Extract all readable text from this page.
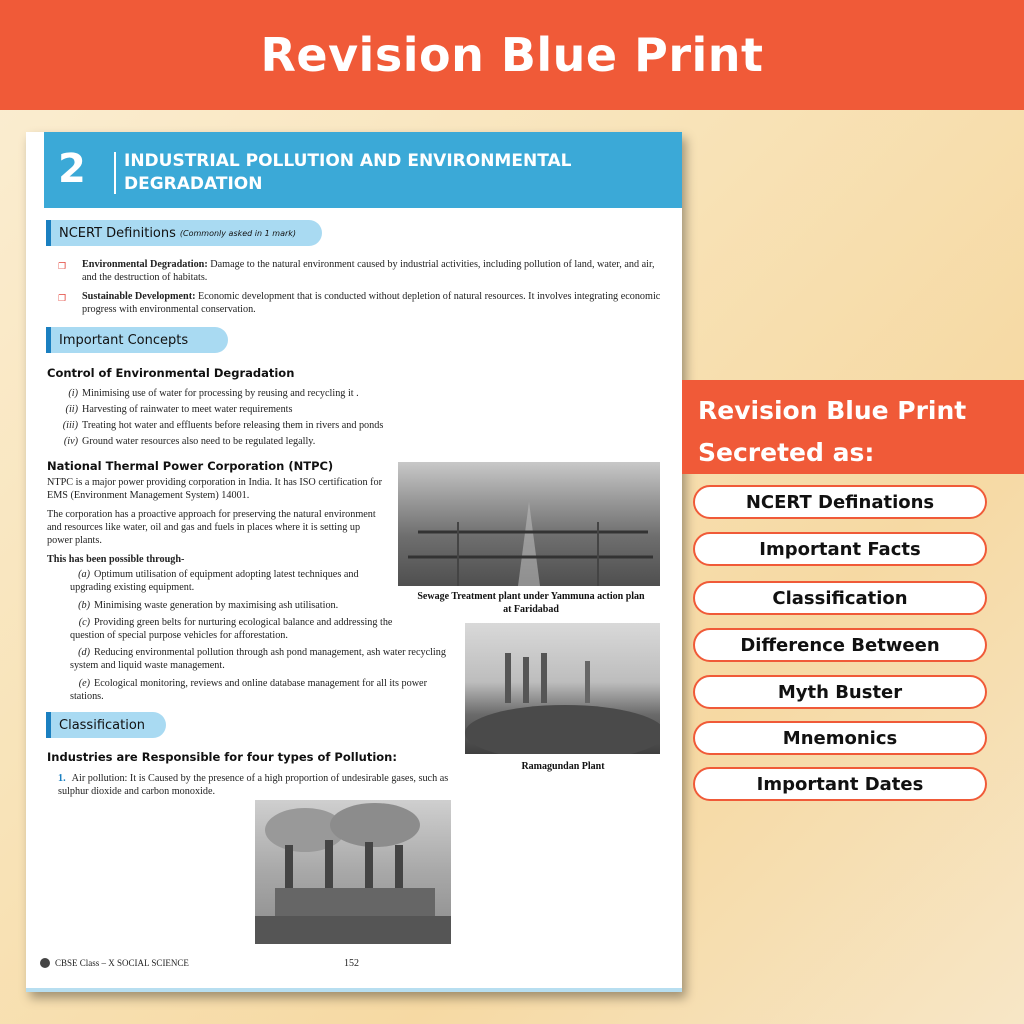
Revision Blue Print
2 INDUSTRIAL POLLUTION AND ENVIRONMENTAL DEGRADATION
NCERT Definitions (Commonly asked in 1 mark)
❐ Environmental Degradation: Damage to the natural environment caused by industrial activities, including pollution of land, water, and air, and the destruction of habitats.
❐ Sustainable Development: Economic development that is conducted without depletion of natural resources. It involves integrating economic progress with environmental conservation.
Important Concepts
Control of Environmental Degradation
(i) Minimising use of water for processing by reusing and recycling it .
(ii) Harvesting of rainwater to meet water requirements
(iii) Treating hot water and effluents before releasing them in rivers and ponds
(iv) Ground water resources also need to be regulated legally.
National Thermal Power Corporation (NTPC)
NTPC is a major power providing corporation in India. It has ISO certification for EMS (Environment Management System) 14001.
The corporation has a proactive approach for preserving the natural environment and resources like water, oil and gas and fuels in places where it is setting up power plants.
This has been possible through-
(a) Optimum utilisation of equipment adopting latest techniques and upgrading existing equipment.
(b) Minimising waste generation by maximising ash utilisation.
(c) Providing green belts for nurturing ecological balance and addressing the question of special purpose vehicles for afforestation.
(d) Reducing environmental pollution through ash pond management, ash water recycling system and liquid waste management.
(e) Ecological monitoring, reviews and online database management for all its power stations.
Sewage Treatment plant under Yammuna action plan at Faridabad
Ramagundan Plant
Classification
Industries are Responsible for four types of Pollution:
1. Air pollution: It is Caused by the presence of a high proportion of undesirable gases, such as sulphur dioxide and carbon monoxide.
CBSE Class – X SOCIAL SCIENCE	152
Revision Blue Print
Secreted as:
NCERT Definations
Important Facts
Classification
Difference Between
Myth Buster
Mnemonics
Important Dates
